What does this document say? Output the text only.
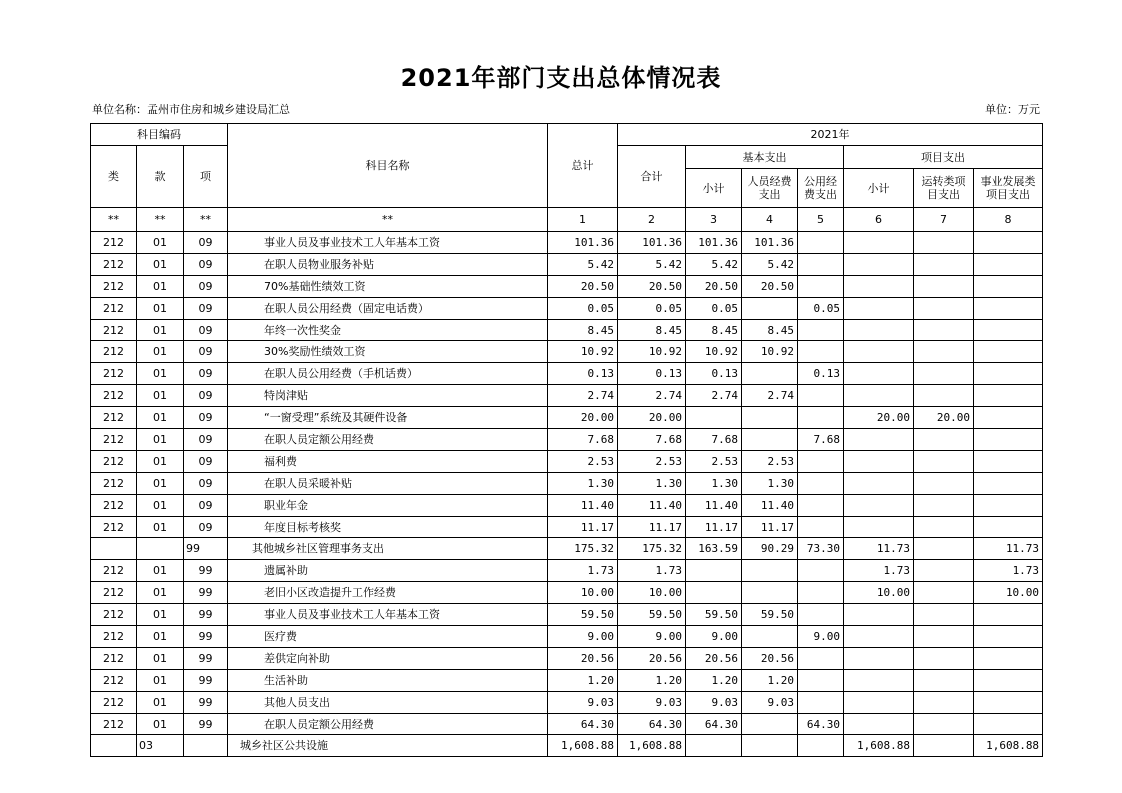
2021年部门支出总体情况表
单位名称：孟州市住房和城乡建设局汇总	单位：万元
科目编码			科目名称	总计	2021年						
类	款	项			合计	基本支出			项目支出		
						小计	人员经费支出	公用经费支出	小计	运转类项目支出	事业发展类项目支出
**	**	**	**	1	2	3	4	5	6	7	8
212	01	09	事业人员及事业技术工人年基本工资	101.36	101.36	101.36	101.36				
212	01	09	在职人员物业服务补贴	5.42	5.42	5.42	5.42				
212	01	09	70%基础性绩效工资	20.50	20.50	20.50	20.50				
212	01	09	在职人员公用经费（固定电话费）	0.05	0.05	0.05		0.05			
212	01	09	年终一次性奖金	8.45	8.45	8.45	8.45				
212	01	09	30%奖励性绩效工资	10.92	10.92	10.92	10.92				
212	01	09	在职人员公用经费（手机话费）	0.13	0.13	0.13		0.13			
212	01	09	特岗津贴	2.74	2.74	2.74	2.74				
212	01	09	“一窗受理”系统及其硬件设备	20.00	20.00				20.00	20.00	
212	01	09	在职人员定额公用经费	7.68	7.68	7.68		7.68			
212	01	09	福利费	2.53	2.53	2.53	2.53				
212	01	09	在职人员采暖补贴	1.30	1.30	1.30	1.30				
212	01	09	职业年金	11.40	11.40	11.40	11.40				
212	01	09	年度目标考核奖	11.17	11.17	11.17	11.17				
		99	其他城乡社区管理事务支出	175.32	175.32	163.59	90.29	73.30	11.73		11.73
212	01	99	遗属补助	1.73	1.73				1.73		1.73
212	01	99	老旧小区改造提升工作经费	10.00	10.00				10.00		10.00
212	01	99	事业人员及事业技术工人年基本工资	59.50	59.50	59.50	59.50				
212	01	99	医疗费	9.00	9.00	9.00		9.00			
212	01	99	差供定向补助	20.56	20.56	20.56	20.56				
212	01	99	生活补助	1.20	1.20	1.20	1.20				
212	01	99	其他人员支出	9.03	9.03	9.03	9.03				
212	01	99	在职人员定额公用经费	64.30	64.30	64.30		64.30			
	03		城乡社区公共设施	1,608.88	1,608.88				1,608.88		1,608.88
